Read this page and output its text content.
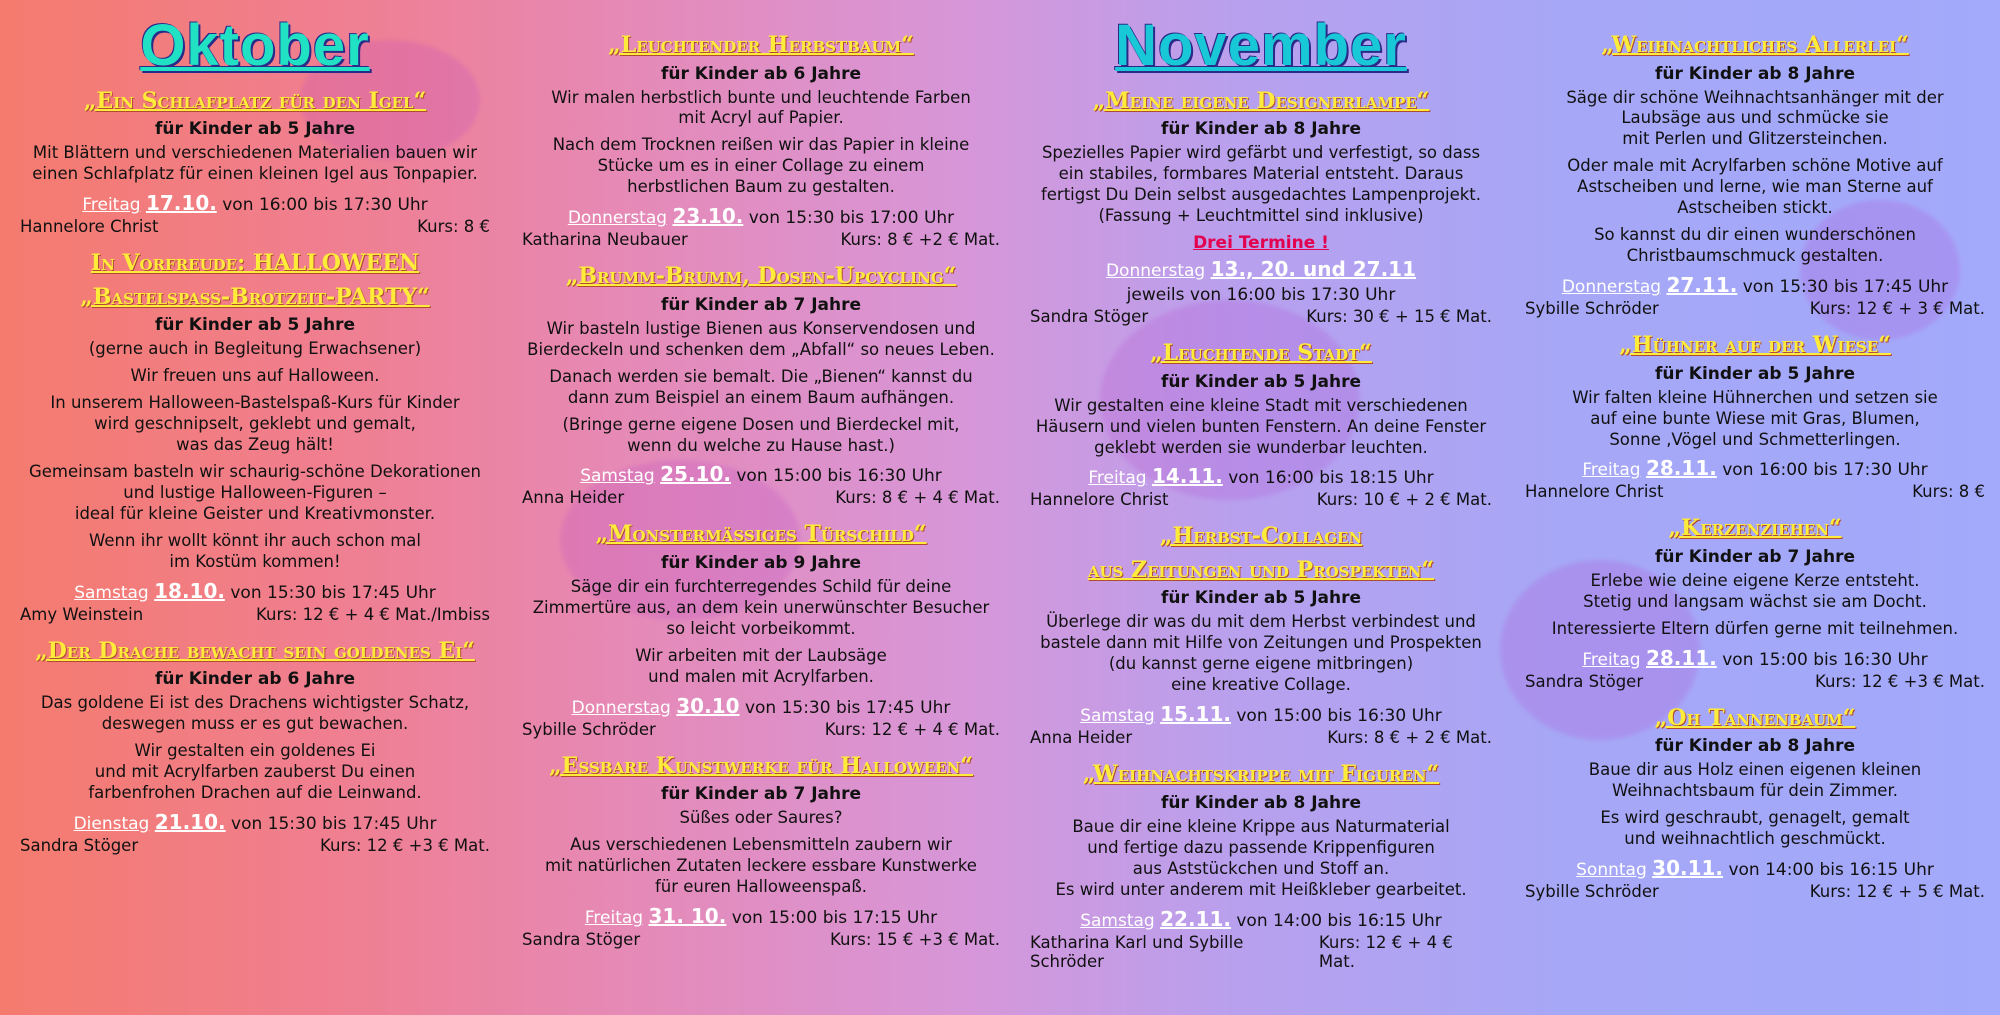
Oktober
„Ein Schlafplatz für den Igel“
für Kinder ab 5 Jahre
Mit Blättern und verschiedenen Materialien bauen wir
einen Schlafplatz für einen kleinen Igel aus Tonpapier.
Freitag 17.10. von 16:00 bis 17:30 Uhr
Hannelore Christ	Kurs: 8 €
In Vorfreude: HALLOWEEN
„Bastelspass-Brotzeit-PARTY“
für Kinder ab 5 Jahre
(gerne auch in Begleitung Erwachsener)
Wir freuen uns auf Halloween.
In unserem Halloween-Bastelspaß-Kurs für Kinder
wird geschnipselt, geklebt und gemalt,
was das Zeug hält!
Gemeinsam basteln wir schaurig-schöne Dekorationen
und lustige Halloween-Figuren –
ideal für kleine Geister und Kreativmonster.
Wenn ihr wollt könnt ihr auch schon mal
im Kostüm kommen!
Samstag 18.10. von 15:30 bis 17:45 Uhr
Amy Weinstein	Kurs: 12 € + 4 € Mat./Imbiss
„Der Drache bewacht sein goldenes Ei“
für Kinder ab 6 Jahre
Das goldene Ei ist des Drachens wichtigster Schatz,
deswegen muss er es gut bewachen.
Wir gestalten ein goldenes Ei
und mit Acrylfarben zauberst Du einen
farbenfrohen Drachen auf die Leinwand.
Dienstag 21.10. von 15:30 bis 17:45 Uhr
Sandra Stöger	Kurs: 12 € +3 € Mat.
„Leuchtender Herbstbaum“
für Kinder ab 6 Jahre
Wir malen herbstlich bunte und leuchtende Farben
mit Acryl auf Papier.
Nach dem Trocknen reißen wir das Papier in kleine
Stücke um es in einer Collage zu einem
herbstlichen Baum zu gestalten.
Donnerstag 23.10. von 15:30 bis 17:00 Uhr
Katharina Neubauer	Kurs: 8 € +2 € Mat.
„Brumm-Brumm, Dosen-Upcycling“
für Kinder ab 7 Jahre
Wir basteln lustige Bienen aus Konservendosen und
Bierdeckeln und schenken dem „Abfall“ so neues Leben.
Danach werden sie bemalt. Die „Bienen“ kannst du
dann zum Beispiel an einem Baum aufhängen.
(Bringe gerne eigene Dosen und Bierdeckel mit,
wenn du welche zu Hause hast.)
Samstag 25.10. von 15:00 bis 16:30 Uhr
Anna Heider	Kurs: 8 € + 4 € Mat.
„Monstermässiges Türschild“
für Kinder ab 9 Jahre
Säge dir ein furchterregendes Schild für deine
Zimmertüre aus, an dem kein unerwünschter Besucher
so leicht vorbeikommt.
Wir arbeiten mit der Laubsäge
und malen mit Acrylfarben.
Donnerstag 30.10 von 15:30 bis 17:45 Uhr
Sybille Schröder	Kurs: 12 € + 4 € Mat.
„Essbare Kunstwerke für Halloween“
für Kinder ab 7 Jahre
Süßes oder Saures?
Aus verschiedenen Lebensmitteln zaubern wir
mit natürlichen Zutaten leckere essbare Kunstwerke
für euren Halloweenspaß.
Freitag 31. 10. von 15:00 bis 17:15 Uhr
Sandra Stöger	Kurs: 15 € +3 € Mat.
November
„Meine eigene Designerlampe“
für Kinder ab 8 Jahre
Spezielles Papier wird gefärbt und verfestigt, so dass
ein stabiles, formbares Material entsteht. Daraus
fertigst Du Dein selbst ausgedachtes Lampenprojekt.
(Fassung + Leuchtmittel sind inklusive)
Drei Termine !
Donnerstag 13., 20. und 27.11
jeweils von 16:00 bis 17:30 Uhr
Sandra Stöger	Kurs: 30 € + 15 € Mat.
„Leuchtende Stadt“
für Kinder ab 5 Jahre
Wir gestalten eine kleine Stadt mit verschiedenen
Häusern und vielen bunten Fenstern. An deine Fenster
geklebt werden sie wunderbar leuchten.
Freitag 14.11. von 16:00 bis 18:15 Uhr
Hannelore Christ	Kurs: 10 € + 2 € Mat.
„Herbst-Collagen
aus Zeitungen und Prospekten“
für Kinder ab 5 Jahre
Überlege dir was du mit dem Herbst verbindest und
bastele dann mit Hilfe von Zeitungen und Prospekten
(du kannst gerne eigene mitbringen)
eine kreative Collage.
Samstag 15.11. von 15:00 bis 16:30 Uhr
Anna Heider	Kurs: 8 € + 2 € Mat.
„Weihnachtskrippe mit Figuren“
für Kinder ab 8 Jahre
Baue dir eine kleine Krippe aus Naturmaterial
und fertige dazu passende Krippenfiguren
aus Aststückchen und Stoff an.
Es wird unter anderem mit Heißkleber gearbeitet.
Samstag 22.11. von 14:00 bis 16:15 Uhr
Katharina Karl und Sybille Schröder
Kurs: 12 € + 4 € Mat.
„Weihnachtliches Allerlei“
für Kinder ab 8 Jahre
Säge dir schöne Weihnachtsanhänger mit der
Laubsäge aus und schmücke sie
mit Perlen und Glitzersteinchen.
Oder male mit Acrylfarben schöne Motive auf
Astscheiben und lerne, wie man Sterne auf
Astscheiben stickt.
So kannst du dir einen wunderschönen
Christbaumschmuck gestalten.
Donnerstag 27.11. von 15:30 bis 17:45 Uhr
Sybille Schröder	Kurs: 12 € + 3 € Mat.
„Hühner auf der Wiese“
für Kinder ab 5 Jahre
Wir falten kleine Hühnerchen und setzen sie
auf eine bunte Wiese mit Gras, Blumen,
Sonne ,Vögel und Schmetterlingen.
Freitag 28.11. von 16:00 bis 17:30 Uhr
Hannelore Christ	Kurs: 8 €
„Kerzenziehen“
für Kinder ab 7 Jahre
Erlebe wie deine eigene Kerze entsteht.
Stetig und langsam wächst sie am Docht.
Interessierte Eltern dürfen gerne mit teilnehmen.
Freitag 28.11. von 15:00 bis 16:30 Uhr
Sandra Stöger	Kurs: 12 € +3 € Mat.
„Oh Tannenbaum“
für Kinder ab 8 Jahre
Baue dir aus Holz einen eigenen kleinen
Weihnachtsbaum für dein Zimmer.
Es wird geschraubt, genagelt, gemalt
und weihnachtlich geschmückt.
Sonntag 30.11. von 14:00 bis 16:15 Uhr
Sybille Schröder	Kurs: 12 € + 5 € Mat.
